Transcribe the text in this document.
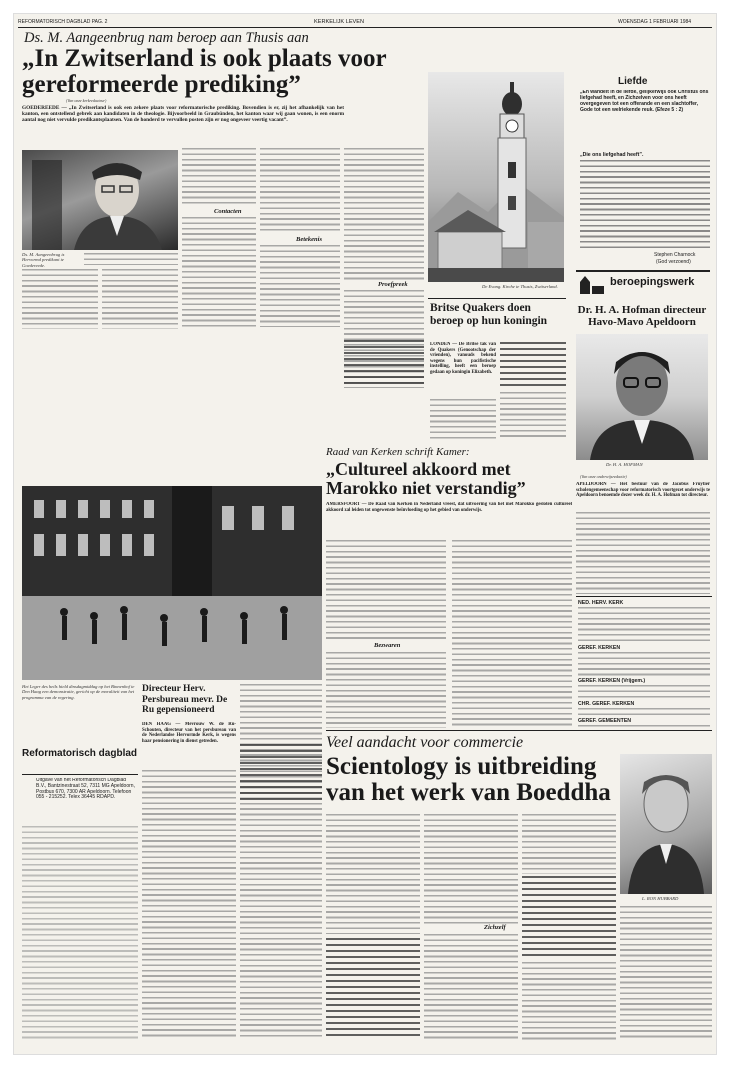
REFORMATORISCH DAGBLAD PAG. 2	KERKELIJK LEVEN	WOENSDAG 1 FEBRUARI 1984
Ds. M. Aangeenbrug nam beroep aan Thusis aan
„In Zwitserland is ook plaats voor gereformeerde prediking”
(Van onze kerkredacteur)
GOEDEREEDE — „In Zwitserland is ook een zekere plaats voor reformatorische prediking. Bovendien is er, zij het afhankelijk van het kanton, een ontstellend gebrek aan kandidaten in de theologie. Bijvoorbeeld in Graubünden, het kanton waar wij gaan wonen, is een enorm aantal nog niet vervulde predikantsplaatsen. Van de honderd te vervullen posten zijn er nog ongeveer veertig vacant”.
Ds. M. Aangeenbrug is Hervormd predikant te Goedereede.
Contacten
Betekenis
Proefpreek	De Evang. Kirche te Thusis, Zwitserland.
Britse Quakers doen beroep op hun koningin
LONDEN — De Britse tak van de Quakers (Genootschap der vrienden), vanouds bekend wegens hun pacifistische instelling, heeft een beroep gedaan op koningin Elizabeth.
Dr. H. A. Hofman directeur Havo-Mavo Apeldoorn
Dr. H. A. HOFMAN
(Van onze onderwijsredactie)
APELDOORN — Het bestuur van de Jacobus Fruytier scholengemeenschap voor reformatorisch voortgezet onderwijs te Apeldoorn benoemde dezer week dr. H. A. Hofman tot directeur.
Liefde
„En wandelt in de liefde, gelijkerwijs ook Christus ons liefgehad heeft, en Zichzelven voor ons heeft overgegeven tot een offerande en een slachtoffer, Gode tot een welriekende reuk. (Efeze 5 : 2)
„Die ons liefgehad heeft”.
Stephen Charnock
(God verzoend)
beroepingswerk
Raad van Kerken schrift Kamer:
„Cultureel akkoord met Marokko niet verstandig”
AMERSFOORT — De Raad van Kerken in Nederland vreest, dat uitvoering van het met Marokko gesloten cultureel akkoord zal leiden tot ongewenste beïnvloeding op het gebied van onderwijs.
Bezwaren
Het Leger des heils hield dinsdagmiddag op het Binnenhof te Den Haag een demonstratie, gericht op de moraliteit van het programma van de regering.
Directeur Herv. Persbureau mevr. De Ru gepensioneerd
DEN HAAG — Mevrouw W. de Ru-Schouten, directeur van het persbureau van de Nederlandse Hervormde Kerk, is wegens haar pensionering in dienst getreden.
Reformatorisch dagblad
Uitgave van het Reformatorisch Dagblad B.V., Bantzinestraat 52, 7311 MG Apeldoorn, Postbus 670, 7300 AR Apeldoorn. Telefoon 055 - 215252. Telex 36445 RDAPD.
Veel aandacht voor commercie
Scientology is uitbreiding van het werk van Boeddha
Zichzelf
L. RON HUBBARD
NED. HERV. KERK
GEREF. KERKEN
GEREF. KERKEN (Vrijgem.)
CHR. GEREF. KERKEN
GEREF. GEMEENTEN
